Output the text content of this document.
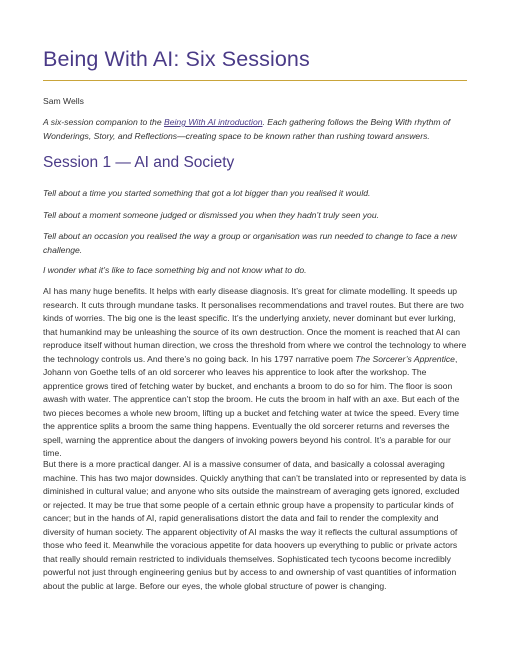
Being With AI: Six Sessions
Sam Wells
A six-session companion to the Being With AI introduction. Each gathering follows the Being With rhythm of Wonderings, Story, and Reflections—creating space to be known rather than rushing toward answers.
Session 1 — AI and Society
Tell about a time you started something that got a lot bigger than you realised it would.
Tell about a moment someone judged or dismissed you when they hadn’t truly seen you.
Tell about an occasion you realised the way a group or organisation was run needed to change to face a new challenge.
I wonder what it’s like to face something big and not know what to do.
AI has many huge benefits. It helps with early disease diagnosis. It’s great for climate modelling. It speeds up research. It cuts through mundane tasks. It personalises recommendations and travel routes. But there are two kinds of worries. The big one is the least specific. It’s the underlying anxiety, never dominant but ever lurking, that humankind may be unleashing the source of its own destruction. Once the moment is reached that AI can reproduce itself without human direction, we cross the threshold from where we control the technology to where the technology controls us. And there’s no going back. In his 1797 narrative poem The Sorcerer’s Apprentice, Johann von Goethe tells of an old sorcerer who leaves his apprentice to look after the workshop. The apprentice grows tired of fetching water by bucket, and enchants a broom to do so for him. The floor is soon awash with water. The apprentice can’t stop the broom. He cuts the broom in half with an axe. But each of the two pieces becomes a whole new broom, lifting up a bucket and fetching water at twice the speed. Every time the apprentice splits a broom the same thing happens. Eventually the old sorcerer returns and reverses the spell, warning the apprentice about the dangers of invoking powers beyond his control. It’s a parable for our time.
But there is a more practical danger. AI is a massive consumer of data, and basically a colossal averaging machine. This has two major downsides. Quickly anything that can’t be translated into or represented by data is diminished in cultural value; and anyone who sits outside the mainstream of averaging gets ignored, excluded or rejected. It may be true that some people of a certain ethnic group have a propensity to particular kinds of cancer; but in the hands of AI, rapid generalisations distort the data and fail to render the complexity and diversity of human society. The apparent objectivity of AI masks the way it reflects the cultural assumptions of those who feed it. Meanwhile the voracious appetite for data hoovers up everything to public or private actors that really should remain restricted to individuals themselves. Sophisticated tech tycoons become incredibly powerful not just through engineering genius but by access to and ownership of vast quantities of information about the public at large. Before our eyes, the whole global structure of power is changing.
